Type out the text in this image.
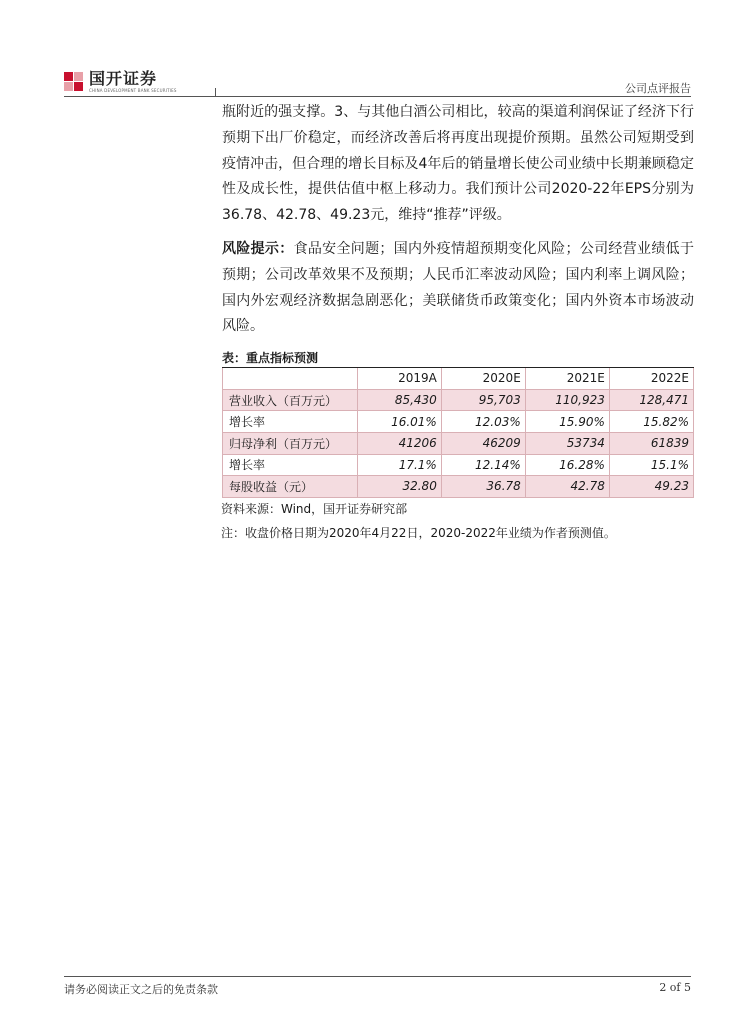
国开证券
CHINA DEVELOPMENT BANK SECURITIES	公司点评报告

瓶附近的强支撑。3、与其他白酒公司相比，较高的渠道利润保证了经济下行预期下出厂价稳定，而经济改善后将再度出现提价预期。虽然公司短期受到疫情冲击，但合理的增长目标及4年后的销量增长使公司业绩中长期兼顾稳定性及成长性，提供估值中枢上移动力。我们预计公司2020-22年EPS分别为36.78、42.78、49.23元，维持“推荐”评级。

风险提示：食品安全问题；国内外疫情超预期变化风险；公司经营业绩低于预期；公司改革效果不及预期；人民币汇率波动风险；国内利率上调风险；国内外宏观经济数据急剧恶化；美联储货币政策变化；国内外资本市场波动风险。

表：重点指标预测
	2019A	2020E	2021E	2022E
营业收入（百万元）	85,430	95,703	110,923	128,471
增长率	16.01%	12.03%	15.90%	15.82%
归母净利（百万元）	41206	46209	53734	61839
增长率	17.1%	12.14%	16.28%	15.1%
每股收益（元）	32.80	36.78	42.78	49.23
资料来源：Wind，国开证券研究部
注：收盘价格日期为2020年4月22日，2020-2022年业绩为作者预测值。
请务必阅读正文之后的免责条款	2 of 5
